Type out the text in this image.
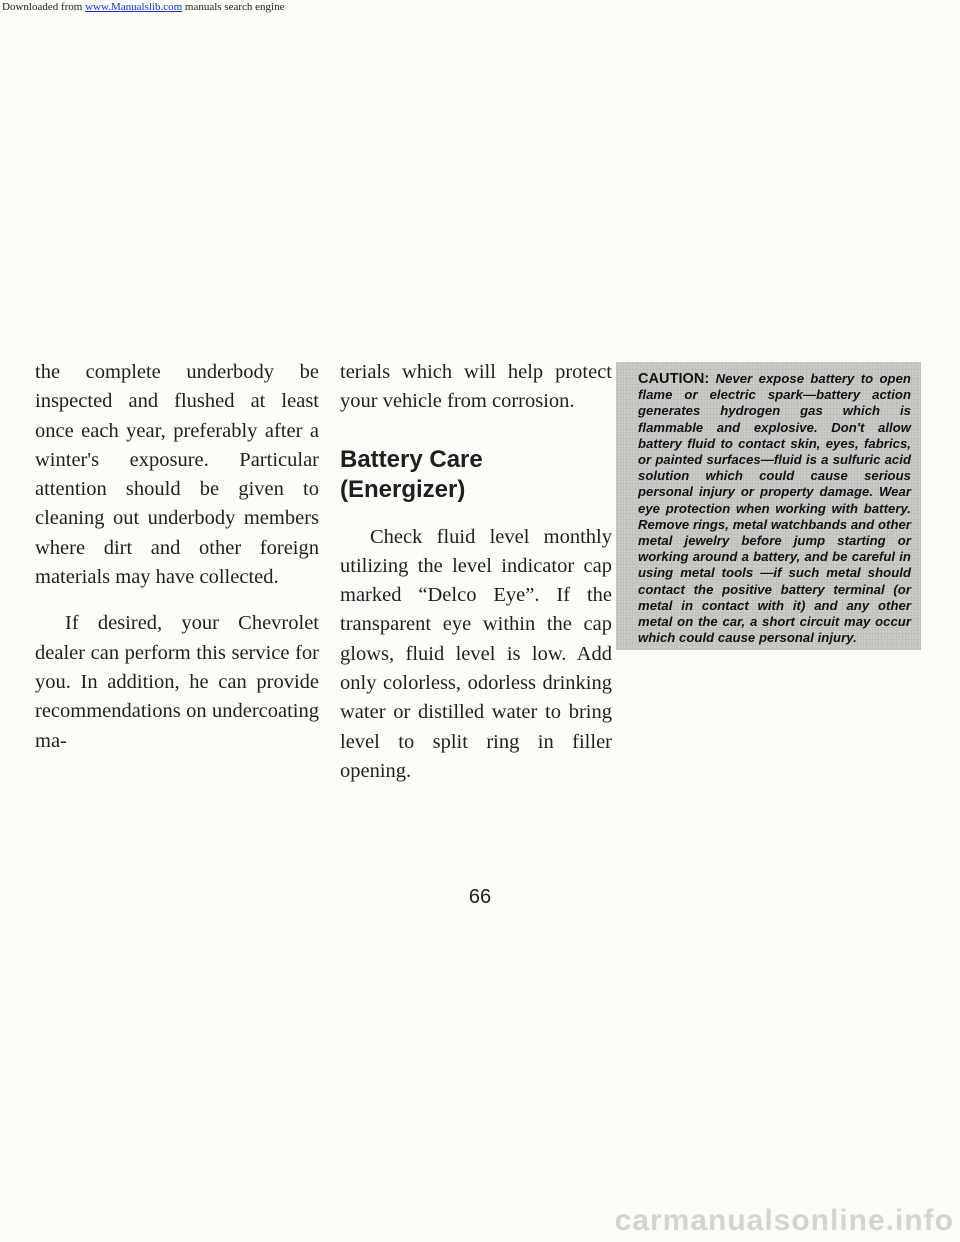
Downloaded from www.Manualslib.com manuals search engine

the complete underbody be inspected and flushed at least once each year, preferably after a winter's exposure. Particular attention should be given to cleaning out underbody members where dirt and other foreign materials may have collected.

If desired, your Chevrolet dealer can perform this service for you. In addition, he can provide recommendations on undercoating ma-

terials which will help protect your vehicle from corrosion.

Battery Care (Energizer)

Check fluid level monthly utilizing the level indicator cap marked “Delco Eye”. If the transparent eye within the cap glows, fluid level is low. Add only colorless, odorless drinking water or distilled water to bring level to split ring in filler opening.

CAUTION: Never expose battery to open flame or electric spark—battery action generates hydrogen gas which is flammable and explosive. Don't allow battery fluid to contact skin, eyes, fabrics, or painted surfaces—fluid is a sulfuric acid solution which could cause serious personal injury or property damage. Wear eye protection when working with battery. Remove rings, metal watchbands and other metal jewelry before jump starting or working around a battery, and be careful in using metal tools —if such metal should contact the positive battery terminal (or metal in contact with it) and any other metal on the car, a short circuit may occur which could cause personal injury.

66
carmanualsonline.info
